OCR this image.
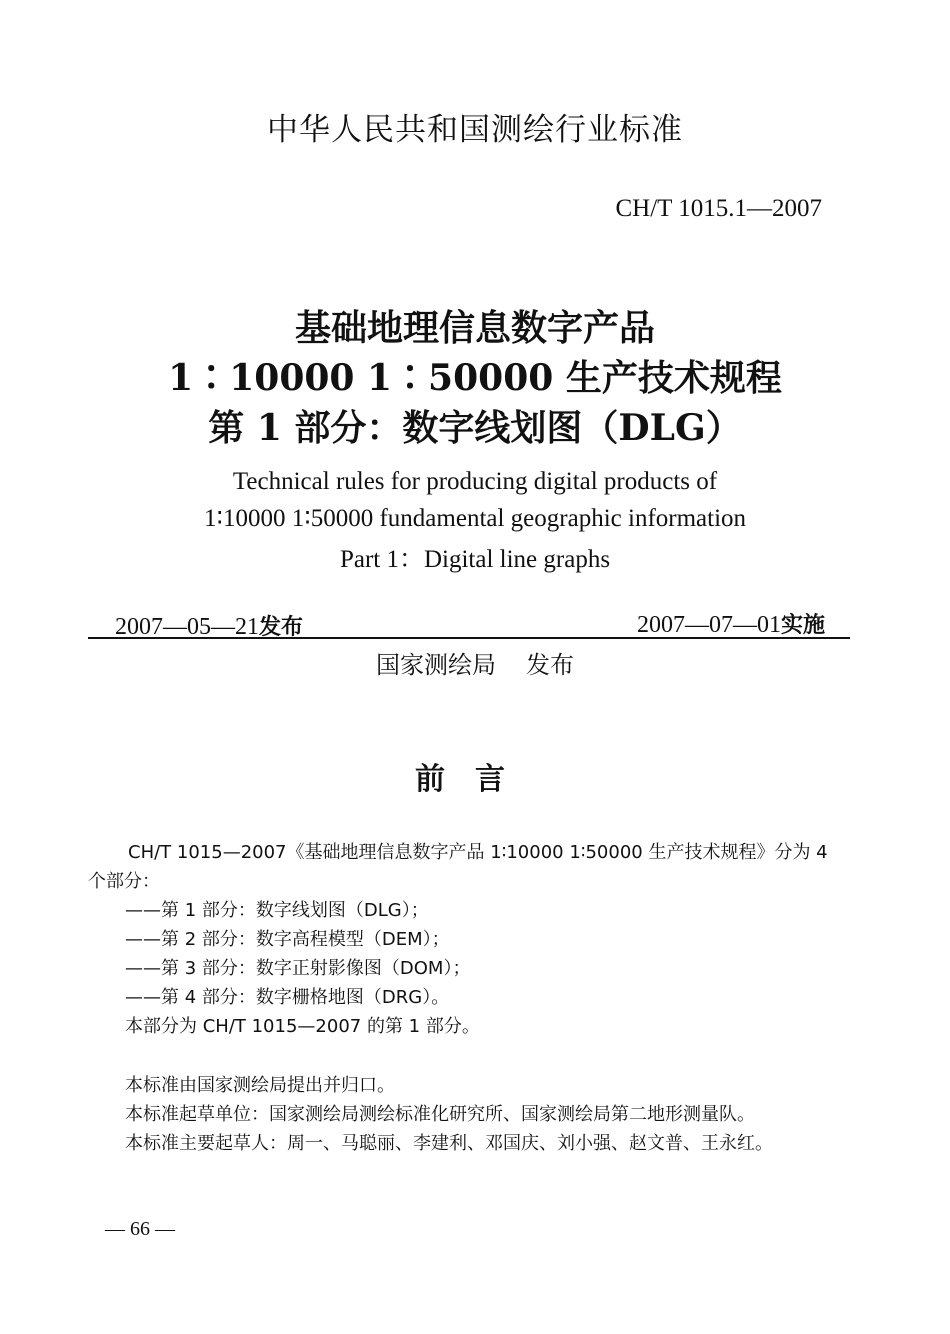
中华人民共和国测绘行业标准
CH/T 1015.1—2007
基础地理信息数字产品
1∶10000 1∶50000 生产技术规程
第 1 部分：数字线划图（DLG）
Technical rules for producing digital products of
1∶10000 1∶50000 fundamental geographic information
Part 1：Digital line graphs
2007—05—21发布	2007—07—01实施
国家测绘局 发布
前言
CH/T 1015—2007《基础地理信息数字产品 1∶10000 1∶50000 生产技术规程》分为 4
个部分：
——第 1 部分：数字线划图（DLG）；
——第 2 部分：数字高程模型（DEM）；
——第 3 部分：数字正射影像图（DOM）；
——第 4 部分：数字栅格地图（DRG）。
本部分为 CH/T 1015—2007 的第 1 部分。
本标准由国家测绘局提出并归口。
本标准起草单位：国家测绘局测绘标准化研究所、国家测绘局第二地形测量队。
本标准主要起草人：周一、马聪丽、李建利、邓国庆、刘小强、赵文普、王永红。
— 66 —
